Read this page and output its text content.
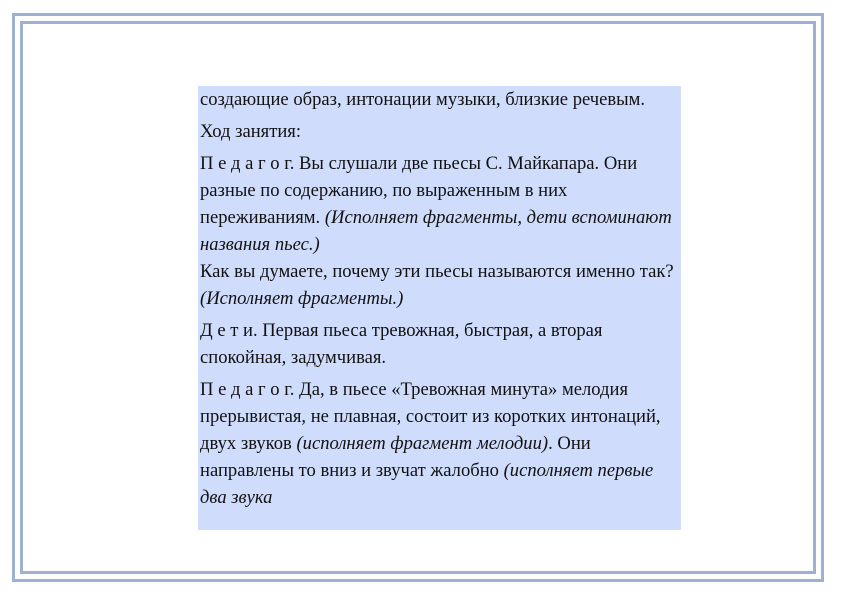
создающие образ, интонации музыки, близкие речевым.

Ход занятия:

П е д а г о г. Вы слушали две пьесы С. Майкапара. Они разные по содержанию, по выраженным в них переживаниям. (Исполняет фрагменты, дети вспоминают названия пьес.)

Как вы думаете, почему эти пьесы называются именно так? (Исполняет фрагменты.)

Д е т и. Первая пьеса тревожная, быстрая, а вторая спокойная, задумчивая.

П е д а г о г. Да, в пьесе «Тревожная минута» мелодия прерывистая, не плавная, состоит из коротких интонаций, двух звуков (исполняет фрагмент мелодии). Они направлены то вниз и звучат жалобно (исполняет первые два звука
